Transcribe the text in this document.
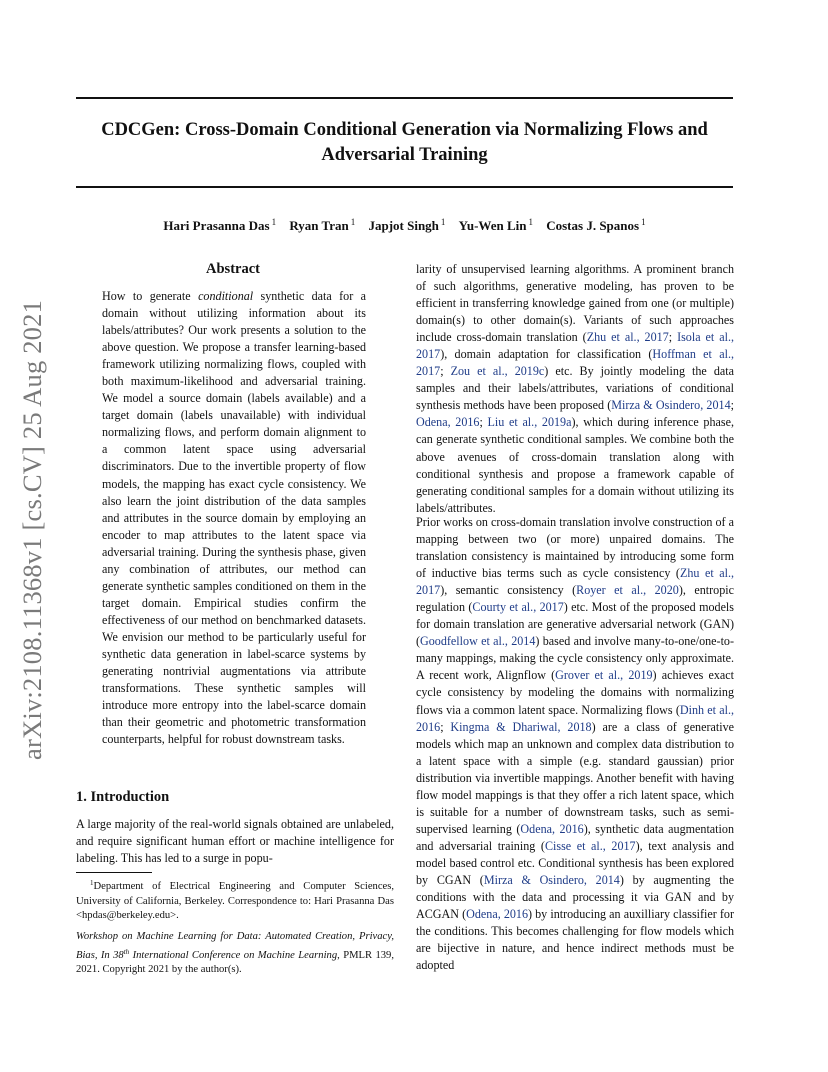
CDCGen: Cross-Domain Conditional Generation via Normalizing Flows and
Adversarial Training
Hari Prasanna Das $^1$ Ryan Tran $^1$ Japjot Singh $^1$ Yu-Wen Lin $^1$ Costas J. Spanos $^1$
arXiv:2108.11368v1 [cs.CV] 25 Aug 2021
Abstract

How to generate conditional synthetic data for a domain without utilizing information about its labels/attributes? Our work presents a solution to the above question. We propose a transfer learning-based framework utilizing normalizing flows, coupled with both maximum-likelihood and adversarial training. We model a source domain (labels available) and a target domain (labels unavailable) with individual normalizing flows, and perform domain alignment to a common latent space using adversarial discriminators. Due to the invertible property of flow models, the mapping has exact cycle consistency. We also learn the joint distribution of the data samples and attributes in the source domain by employing an encoder to map attributes to the latent space via adversarial training. During the synthesis phase, given any combination of attributes, our method can generate synthetic samples conditioned on them in the target domain. Empirical studies confirm the effectiveness of our method on benchmarked datasets. We envision our method to be particularly useful for synthetic data generation in label-scarce systems by generating nontrivial augmentations via attribute transformations. These synthetic samples will introduce more entropy into the label-scarce domain than their geometric and photometric transformation counterparts, helpful for robust downstream tasks.

1. Introduction

A large majority of the real-world signals obtained are unlabeled, and require significant human effort or machine intelligence for labeling. This has led to a surge in popu-

$^1$Department of Electrical Engineering and Computer Sciences, University of California, Berkeley. Correspondence to: Hari Prasanna Das <hpdas@berkeley.edu>.

Workshop on Machine Learning for Data: Automated Creation, Privacy, Bias, In 38th International Conference on Machine Learning, PMLR 139, 2021. Copyright 2021 by the author(s).

larity of unsupervised learning algorithms. A prominent branch of such algorithms, generative modeling, has proven to be efficient in transferring knowledge gained from one (or multiple) domain(s) to other domain(s). Variants of such approaches include cross-domain translation (Zhu et al., 2017; Isola et al., 2017), domain adaptation for classification (Hoffman et al., 2017; Zou et al., 2019c) etc. By jointly modeling the data samples and their labels/attributes, variations of conditional synthesis methods have been proposed (Mirza & Osindero, 2014; Odena, 2016; Liu et al., 2019a), which during inference phase, can generate synthetic conditional samples. We combine both the above avenues of cross-domain translation along with conditional synthesis and propose a framework capable of generating conditional samples for a domain without utilizing its labels/attributes.

Prior works on cross-domain translation involve construction of a mapping between two (or more) unpaired domains. The translation consistency is maintained by introducing some form of inductive bias terms such as cycle consistency (Zhu et al., 2017), semantic consistency (Royer et al., 2020), entropic regulation (Courty et al., 2017) etc. Most of the proposed models for domain translation are generative adversarial network (GAN) (Goodfellow et al., 2014) based and involve many-to-one/one-to-many mappings, making the cycle consistency only approximate. A recent work, Alignflow (Grover et al., 2019) achieves exact cycle consistency by modeling the domains with normalizing flows via a common latent space. Normalizing flows (Dinh et al., 2016; Kingma & Dhariwal, 2018) are a class of generative models which map an unknown and complex data distribution to a latent space with a simple (e.g. standard gaussian) prior distribution via invertible mappings. Another benefit with having flow model mappings is that they offer a rich latent space, which is suitable for a number of downstream tasks, such as semi-supervised learning (Odena, 2016), synthetic data augmentation and adversarial training (Cisse et al., 2017), text analysis and model based control etc. Conditional synthesis has been explored by CGAN (Mirza & Osindero, 2014) by augmenting the conditions with the data and processing it via GAN and by ACGAN (Odena, 2016) by introducing an auxilliary classifier for the conditions. This becomes challenging for flow models which are bijective in nature, and hence indirect methods must be adopted
